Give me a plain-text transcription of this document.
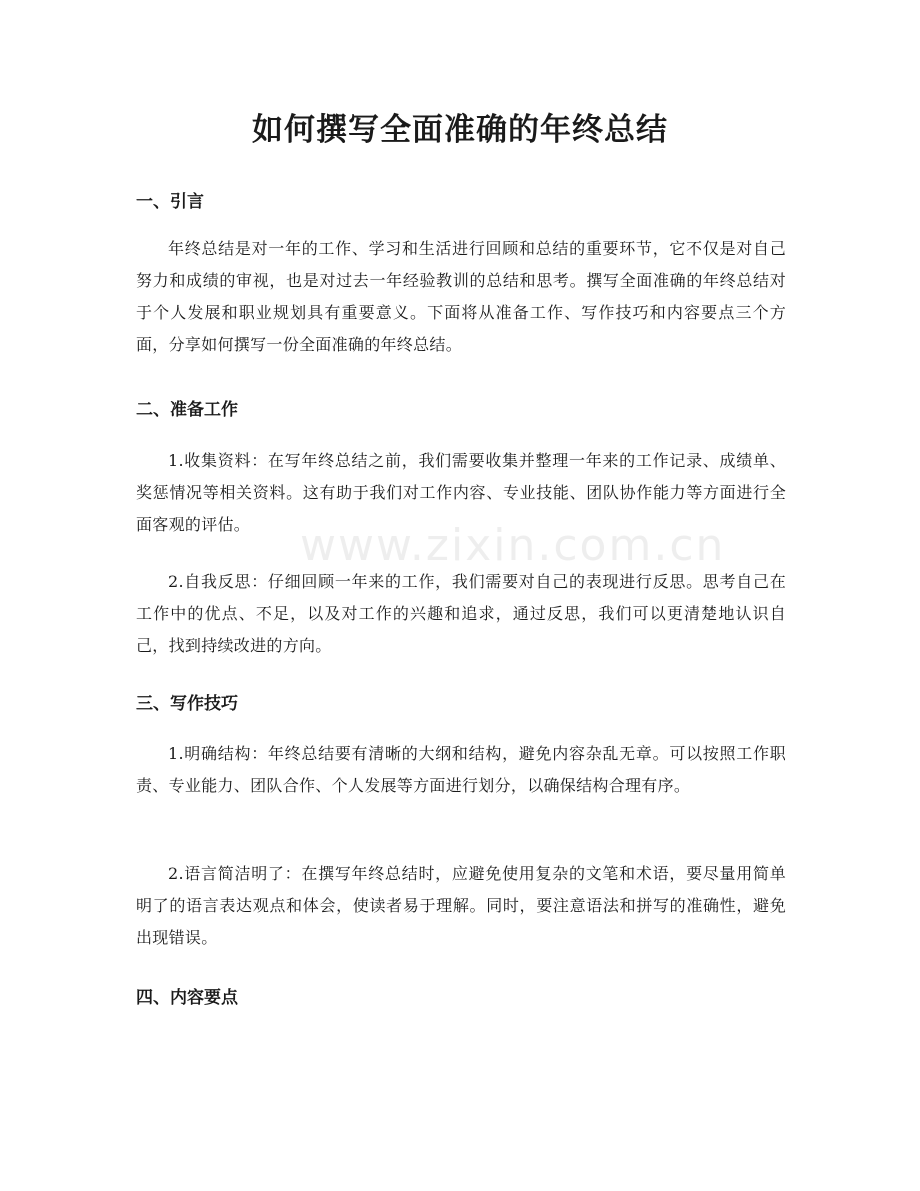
如何撰写全面准确的年终总结
www.zixin.com.cn
一、引言

年终总结是对一年的工作、学习和生活进行回顾和总结的重要环节，它不仅是对自己努力和成绩的审视，也是对过去一年经验教训的总结和思考。撰写全面准确的年终总结对于个人发展和职业规划具有重要意义。下面将从准备工作、写作技巧和内容要点三个方面，分享如何撰写一份全面准确的年终总结。

二、准备工作

1.收集资料：在写年终总结之前，我们需要收集并整理一年来的工作记录、成绩单、奖惩情况等相关资料。这有助于我们对工作内容、专业技能、团队协作能力等方面进行全面客观的评估。

2.自我反思：仔细回顾一年来的工作，我们需要对自己的表现进行反思。思考自己在工作中的优点、不足，以及对工作的兴趣和追求，通过反思，我们可以更清楚地认识自己，找到持续改进的方向。

三、写作技巧

1.明确结构：年终总结要有清晰的大纲和结构，避免内容杂乱无章。可以按照工作职责、专业能力、团队合作、个人发展等方面进行划分，以确保结构合理有序。

2.语言简洁明了：在撰写年终总结时，应避免使用复杂的文笔和术语，要尽量用简单明了的语言表达观点和体会，使读者易于理解。同时，要注意语法和拼写的准确性，避免出现错误。

四、内容要点
